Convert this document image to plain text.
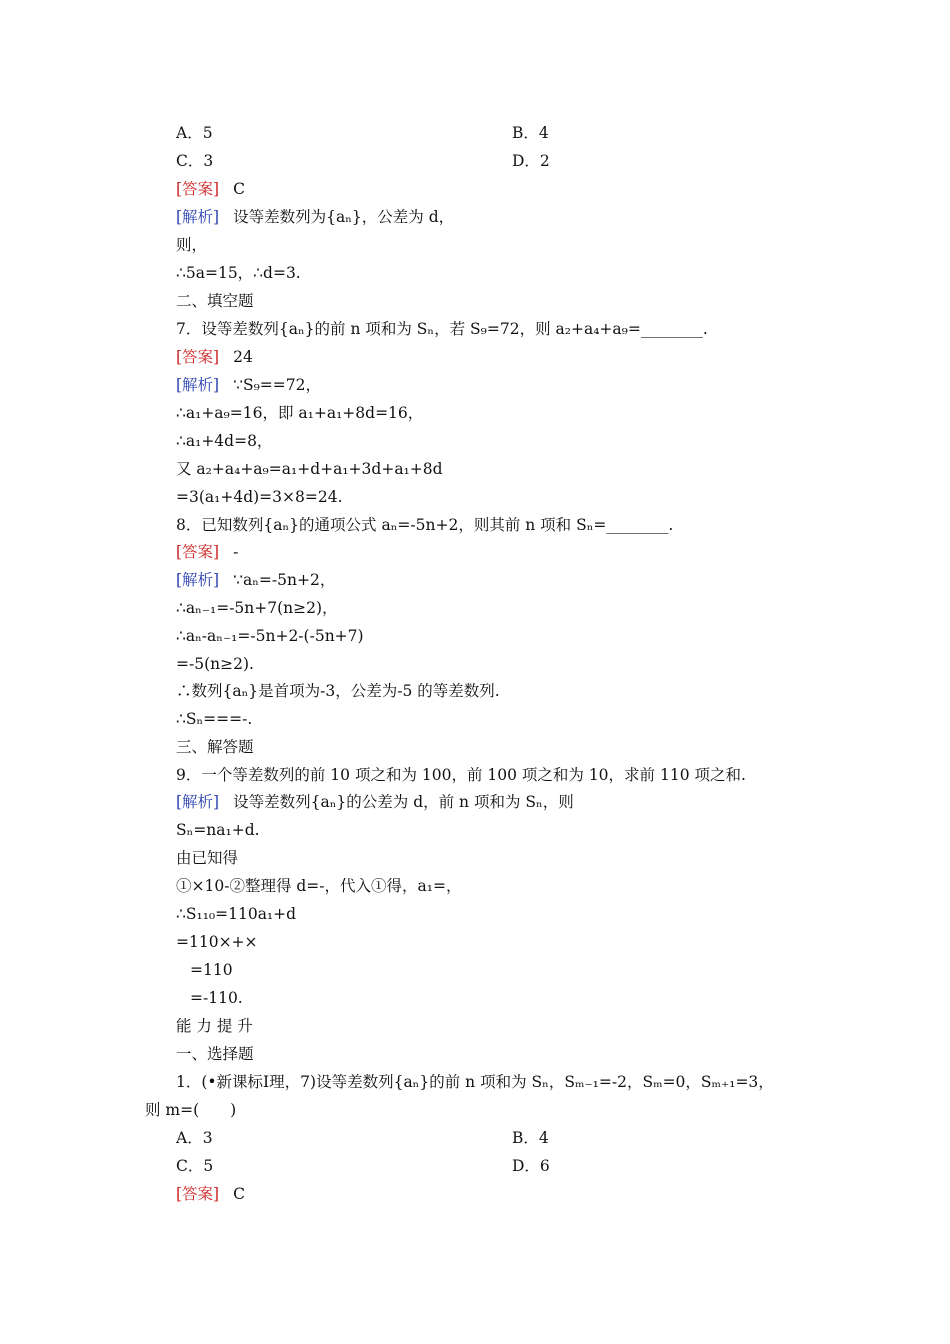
A．5	B．4
C．3	D．2
[答案] C
[解析] 设等差数列为{aₙ}，公差为 d，
则，
∴5a=15，∴d=3.
二、填空题
7．设等差数列{aₙ}的前 n 项和为 Sₙ，若 S₉=72，则 a₂+a₄+a₉=________.
[答案] 24
[解析] ∵S₉==72，
∴a₁+a₉=16，即 a₁+a₁+8d=16，
∴a₁+4d=8，
又 a₂+a₄+a₉=a₁+d+a₁+3d+a₁+8d
=3(a₁+4d)=3×8=24.
8．已知数列{aₙ}的通项公式 aₙ=-5n+2，则其前 n 项和 Sₙ=________.
[答案] -
[解析] ∵aₙ=-5n+2，
∴aₙ₋₁=-5n+7(n≥2)，
∴aₙ-aₙ₋₁=-5n+2-(-5n+7)
=-5(n≥2).
∴数列{aₙ}是首项为-3，公差为-5 的等差数列.
∴Sₙ===-.
三、解答题
9．一个等差数列的前 10 项之和为 100，前 100 项之和为 10，求前 110 项之和.
[解析] 设等差数列{aₙ}的公差为 d，前 n 项和为 Sₙ，则
Sₙ=na₁+d.
由已知得
①×10-②整理得 d=-，代入①得，a₁=，
∴S₁₁₀=110a₁+d
=110×+×
=110
=-110.
能 力 提 升
一、选择题
1．(•新课标Ⅰ理，7)设等差数列{aₙ}的前 n 项和为 Sₙ，Sₘ₋₁=-2，Sₘ=0，Sₘ₊₁=3，
则 m=(　　)
A．3	B．4
C．5	D．6
[答案] C
